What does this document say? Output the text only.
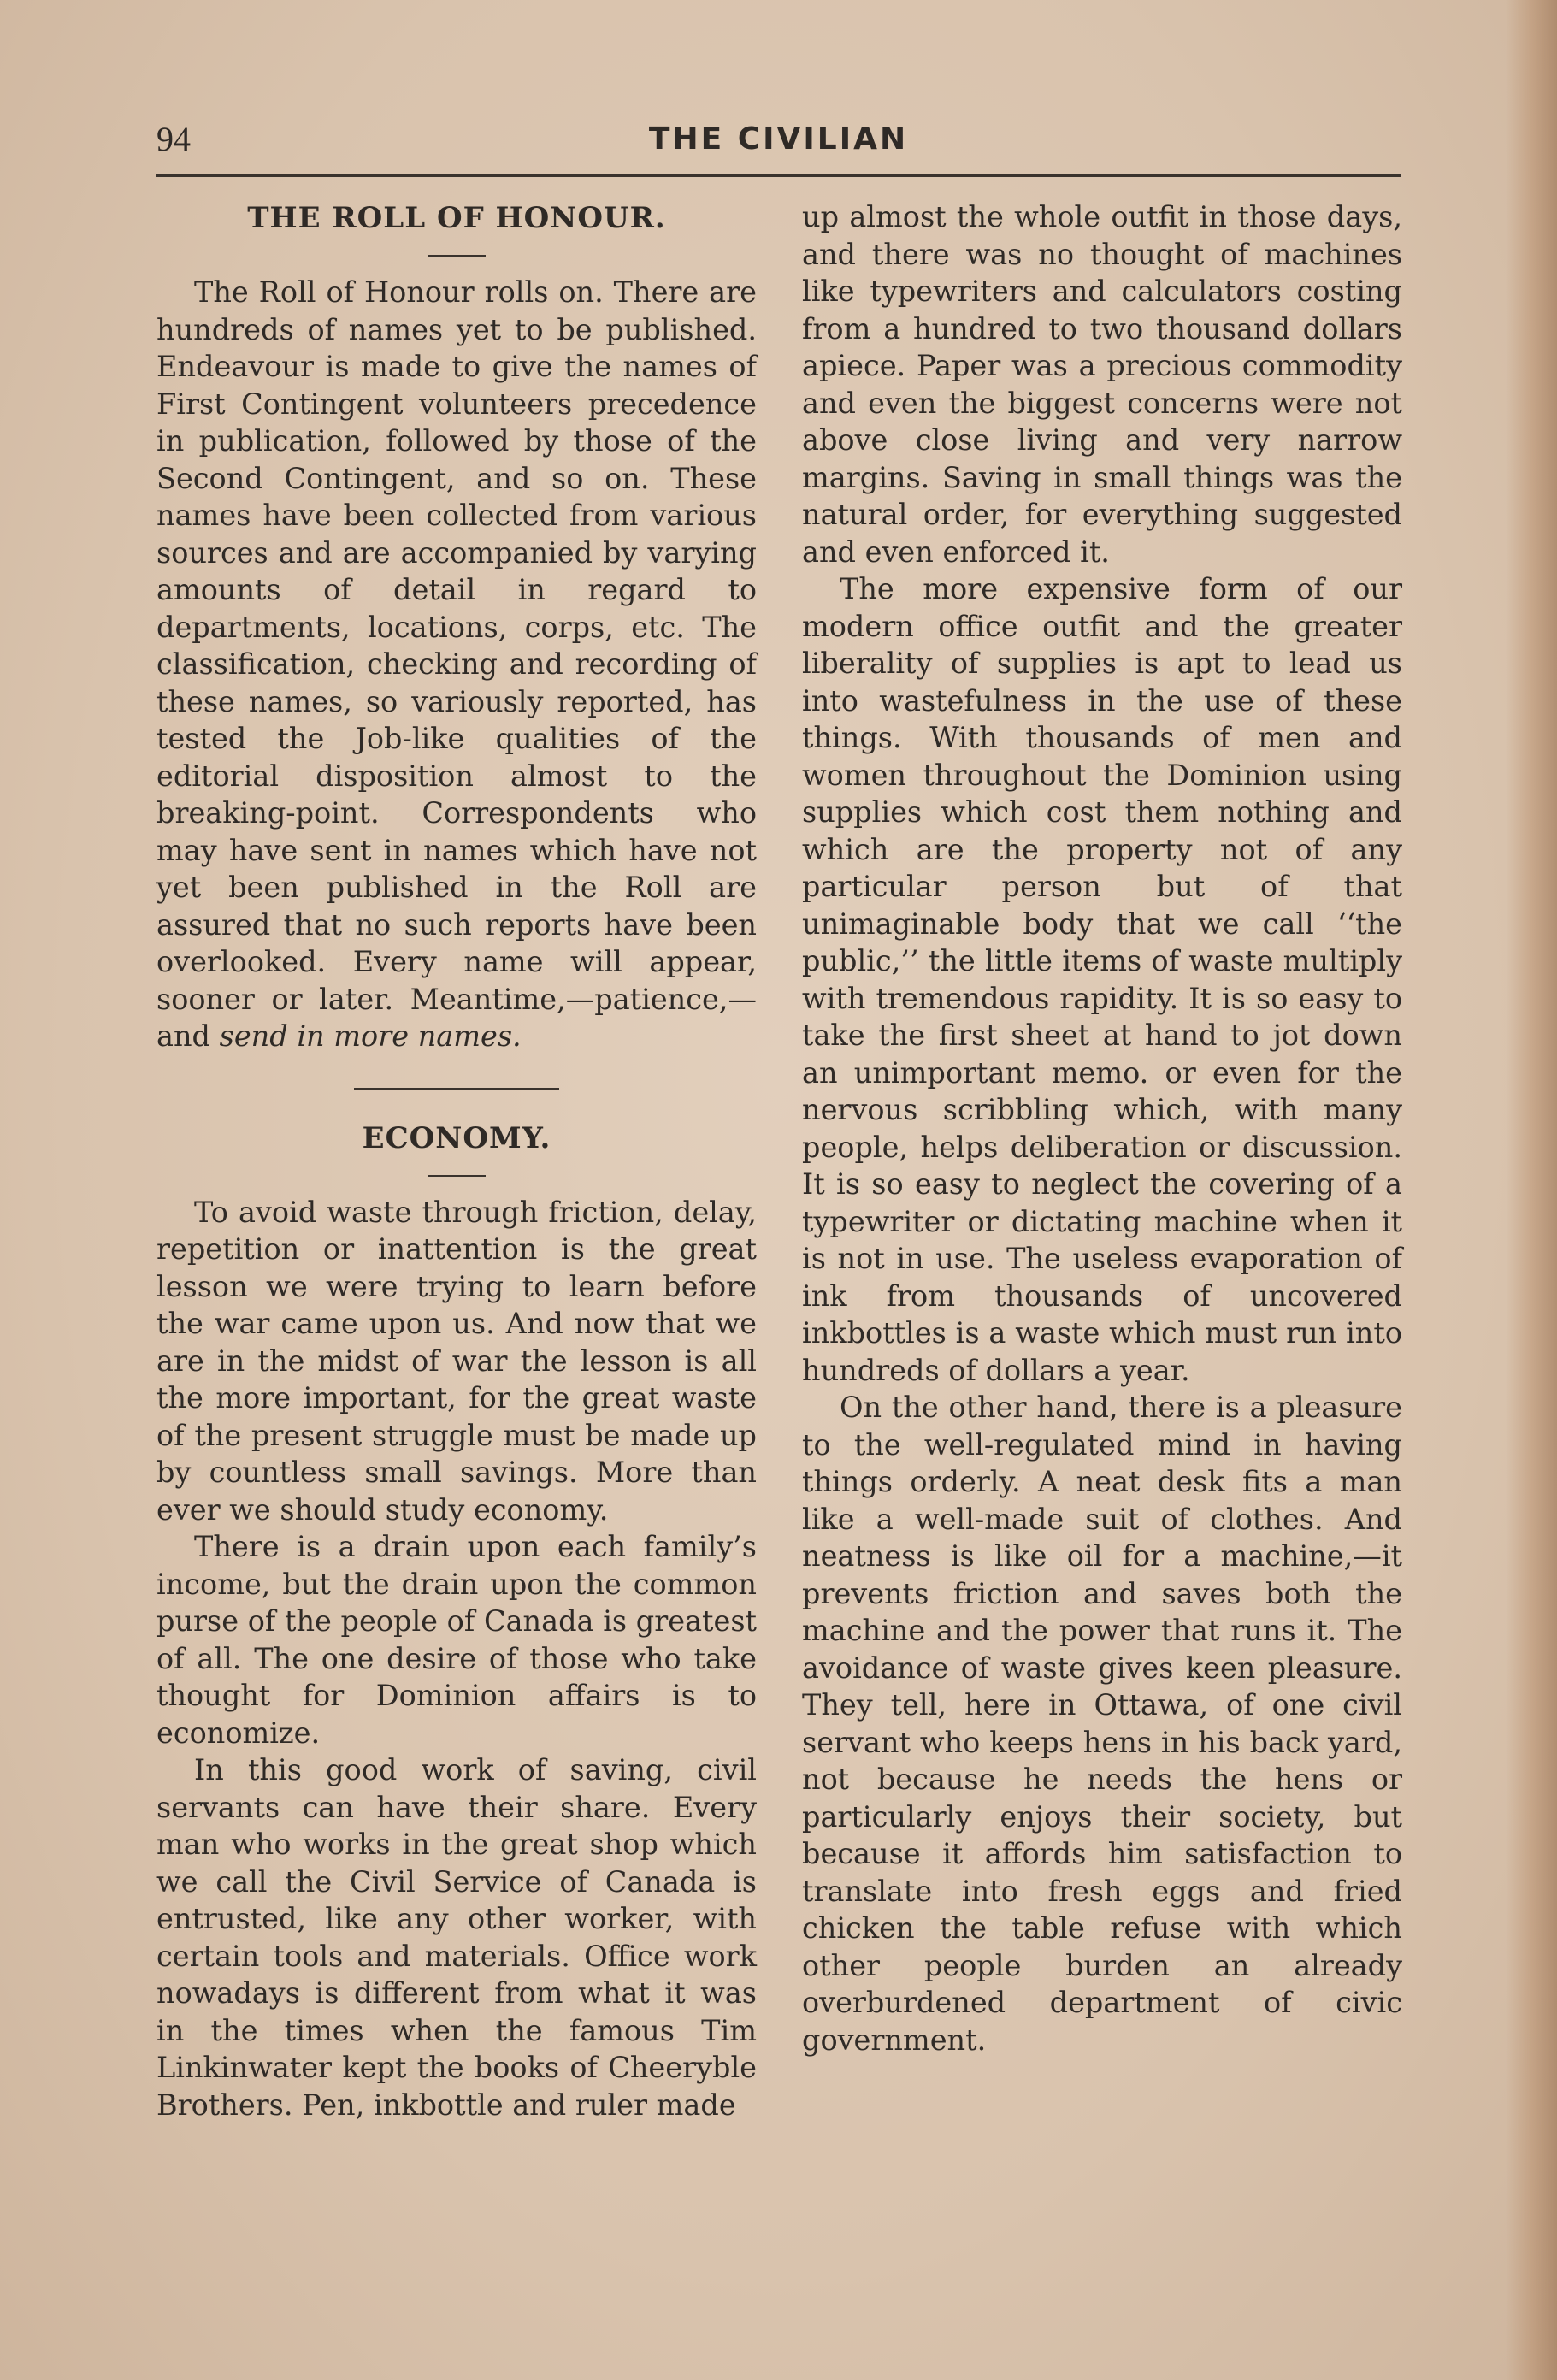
94	THE CIVILIAN
THE ROLL OF HONOUR.

The Roll of Honour rolls on. There are hundreds of names yet to be published. Endeavour is made to give the names of First Contingent volunteers precedence in publication, followed by those of the Second Contingent, and so on. These names have been collected from various sources and are accompanied by varying amounts of detail in regard to departments, locations, corps, etc. The classification, checking and recording of these names, so variously reported, has tested the Job-like qualities of the editorial disposition almost to the breaking-point. Correspondents who may have sent in names which have not yet been published in the Roll are assured that no such reports have been overlooked. Every name will appear, sooner or later. Meantime,—patience,—and send in more names.

ECONOMY.

To avoid waste through friction, delay, repetition or inattention is the great lesson we were trying to learn before the war came upon us. And now that we are in the midst of war the lesson is all the more important, for the great waste of the present struggle must be made up by countless small savings. More than ever we should study economy.

There is a drain upon each family’s income, but the drain upon the common purse of the people of Canada is greatest of all. The one desire of those who take thought for Dominion affairs is to economize.

In this good work of saving, civil servants can have their share. Every man who works in the great shop which we call the Civil Service of Canada is entrusted, like any other worker, with certain tools and materials. Office work nowadays is different from what it was in the times when the famous Tim Linkinwater kept the books of Cheeryble Brothers. Pen, inkbottle and ruler made

up almost the whole outfit in those days, and there was no thought of machines like typewriters and calculators costing from a hundred to two thousand dollars apiece. Paper was a precious commodity and even the biggest concerns were not above close living and very narrow margins. Saving in small things was the natural order, for everything suggested and even enforced it.

The more expensive form of our modern office outfit and the greater liberality of supplies is apt to lead us into wastefulness in the use of these things. With thousands of men and women throughout the Dominion using supplies which cost them nothing and which are the property not of any particular person but of that unimaginable body that we call ‘‘the public,’’ the little items of waste multiply with tremendous rapidity. It is so easy to take the first sheet at hand to jot down an unimportant memo. or even for the nervous scribbling which, with many people, helps deliberation or discussion. It is so easy to neglect the covering of a typewriter or dictating machine when it is not in use. The useless evaporation of ink from thousands of uncovered inkbottles is a waste which must run into hundreds of dollars a year.

On the other hand, there is a pleasure to the well-regulated mind in having things orderly. A neat desk fits a man like a well-made suit of clothes. And neatness is like oil for a machine,—it prevents friction and saves both the machine and the power that runs it. The avoidance of waste gives keen pleasure. They tell, here in Ottawa, of one civil servant who keeps hens in his back yard, not because he needs the hens or particularly enjoys their society, but because it affords him satisfaction to translate into fresh eggs and fried chicken the table refuse with which other people burden an already overburdened department of civic government.
